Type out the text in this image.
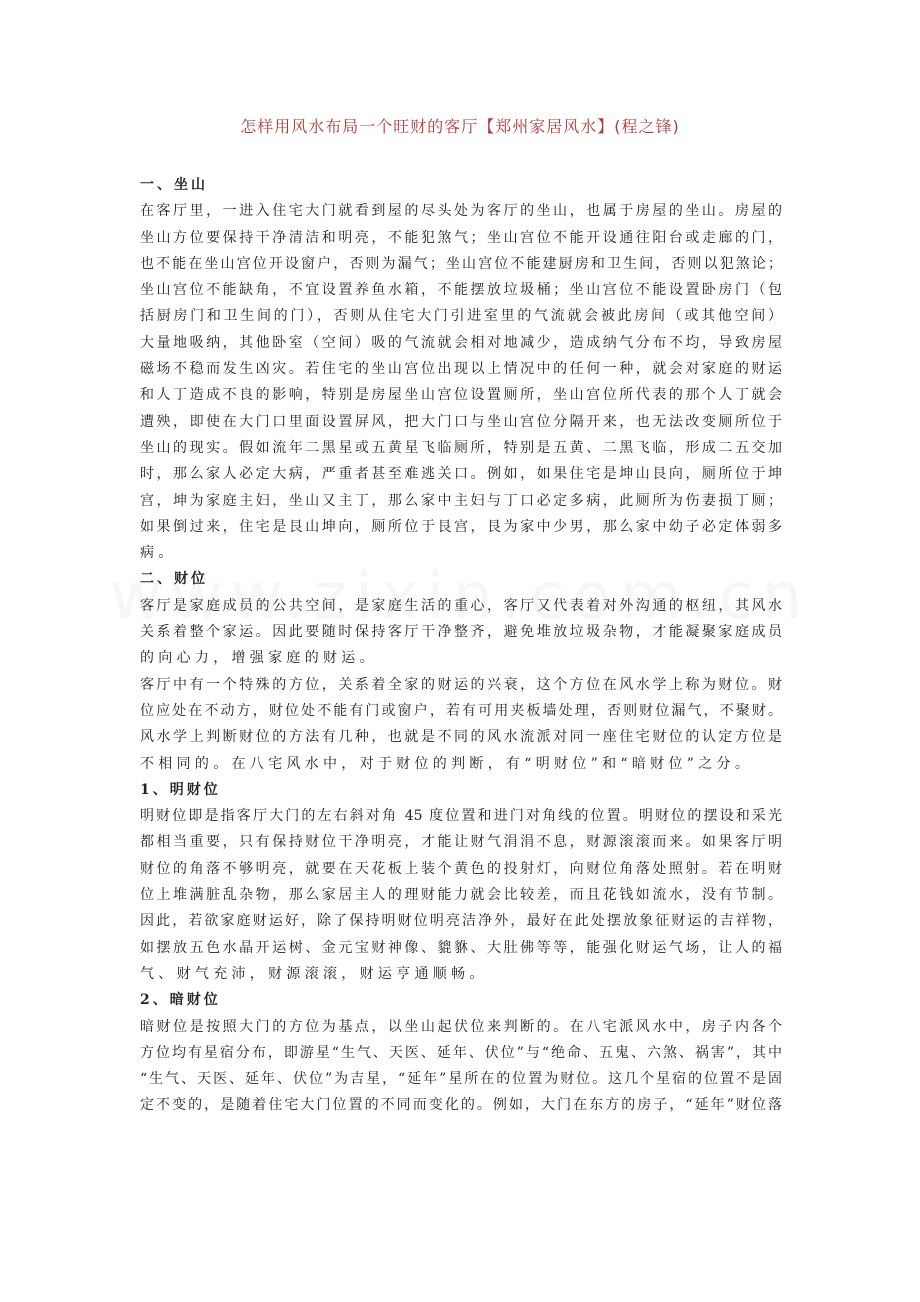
怎样用风水布局一个旺财的客厅【郑州家居风水】(程之锋)
一、坐山
在客厅里，一进入住宅大门就看到屋的尽头处为客厅的坐山，也属于房屋的坐山。房屋的
坐山方位要保持干净清洁和明亮，不能犯煞气；坐山宫位不能开设通往阳台或走廊的门，
也不能在坐山宫位开设窗户，否则为漏气；坐山宫位不能建厨房和卫生间，否则以犯煞论；
坐山宫位不能缺角，不宜设置养鱼水箱，不能摆放垃圾桶；坐山宫位不能设置卧房门（包
括厨房门和卫生间的门），否则从住宅大门引进室里的气流就会被此房间（或其他空间）
大量地吸纳，其他卧室（空间）吸的气流就会相对地减少，造成纳气分布不均，导致房屋
磁场不稳而发生凶灾。若住宅的坐山宫位出现以上情况中的任何一种，就会对家庭的财运
和人丁造成不良的影响，特别是房屋坐山宫位设置厕所，坐山宫位所代表的那个人丁就会
遭殃，即使在大门口里面设置屏风，把大门口与坐山宫位分隔开来，也无法改变厕所位于
坐山的现实。假如流年二黑星或五黄星飞临厕所，特别是五黄、二黑飞临，形成二五交加
时，那么家人必定大病，严重者甚至难逃关口。例如，如果住宅是坤山艮向，厕所位于坤
宫，坤为家庭主妇，坐山又主丁，那么家中主妇与丁口必定多病，此厕所为伤妻损丁厕；
如果倒过来，住宅是艮山坤向，厕所位于艮宫，艮为家中少男，那么家中幼子必定体弱多
病。
二、财位
客厅是家庭成员的公共空间，是家庭生活的重心，客厅又代表着对外沟通的枢纽，其风水
关系着整个家运。因此要随时保持客厅干净整齐，避免堆放垃圾杂物，才能凝聚家庭成员
的向心力，增强家庭的财运。
客厅中有一个特殊的方位，关系着全家的财运的兴衰，这个方位在风水学上称为财位。财
位应处在不动方，财位处不能有门或窗户，若有可用夹板墙处理，否则财位漏气，不聚财。
风水学上判断财位的方法有几种，也就是不同的风水流派对同一座住宅财位的认定方位是
不相同的。在八宅风水中，对于财位的判断，有“明财位”和“暗财位”之分。
1、明财位
明财位即是指客厅大门的左右斜对角 45 度位置和进门对角线的位置。明财位的摆设和采光
都相当重要，只有保持财位干净明亮，才能让财气涓涓不息，财源滚滚而来。如果客厅明
财位的角落不够明亮，就要在天花板上装个黄色的投射灯，向财位角落处照射。若在明财
位上堆满脏乱杂物，那么家居主人的理财能力就会比较差，而且花钱如流水，没有节制。
因此，若欲家庭财运好，除了保持明财位明亮洁净外，最好在此处摆放象征财运的吉祥物，
如摆放五色水晶开运树、金元宝财神像、貔貅、大肚佛等等，能强化财运气场，让人的福
气、财气充沛，财源滚滚，财运亨通顺畅。
2、暗财位
暗财位是按照大门的方位为基点，以坐山起伏位来判断的。在八宅派风水中，房子内各个
方位均有星宿分布，即游星“生气、天医、延年、伏位”与“绝命、五鬼、六煞、祸害”，其中
“生气、天医、延年、伏位”为吉星，“延年”星所在的位置为财位。这几个星宿的位置不是固
定不变的，是随着住宅大门位置的不同而变化的。例如，大门在东方的房子，“延年”财位落
